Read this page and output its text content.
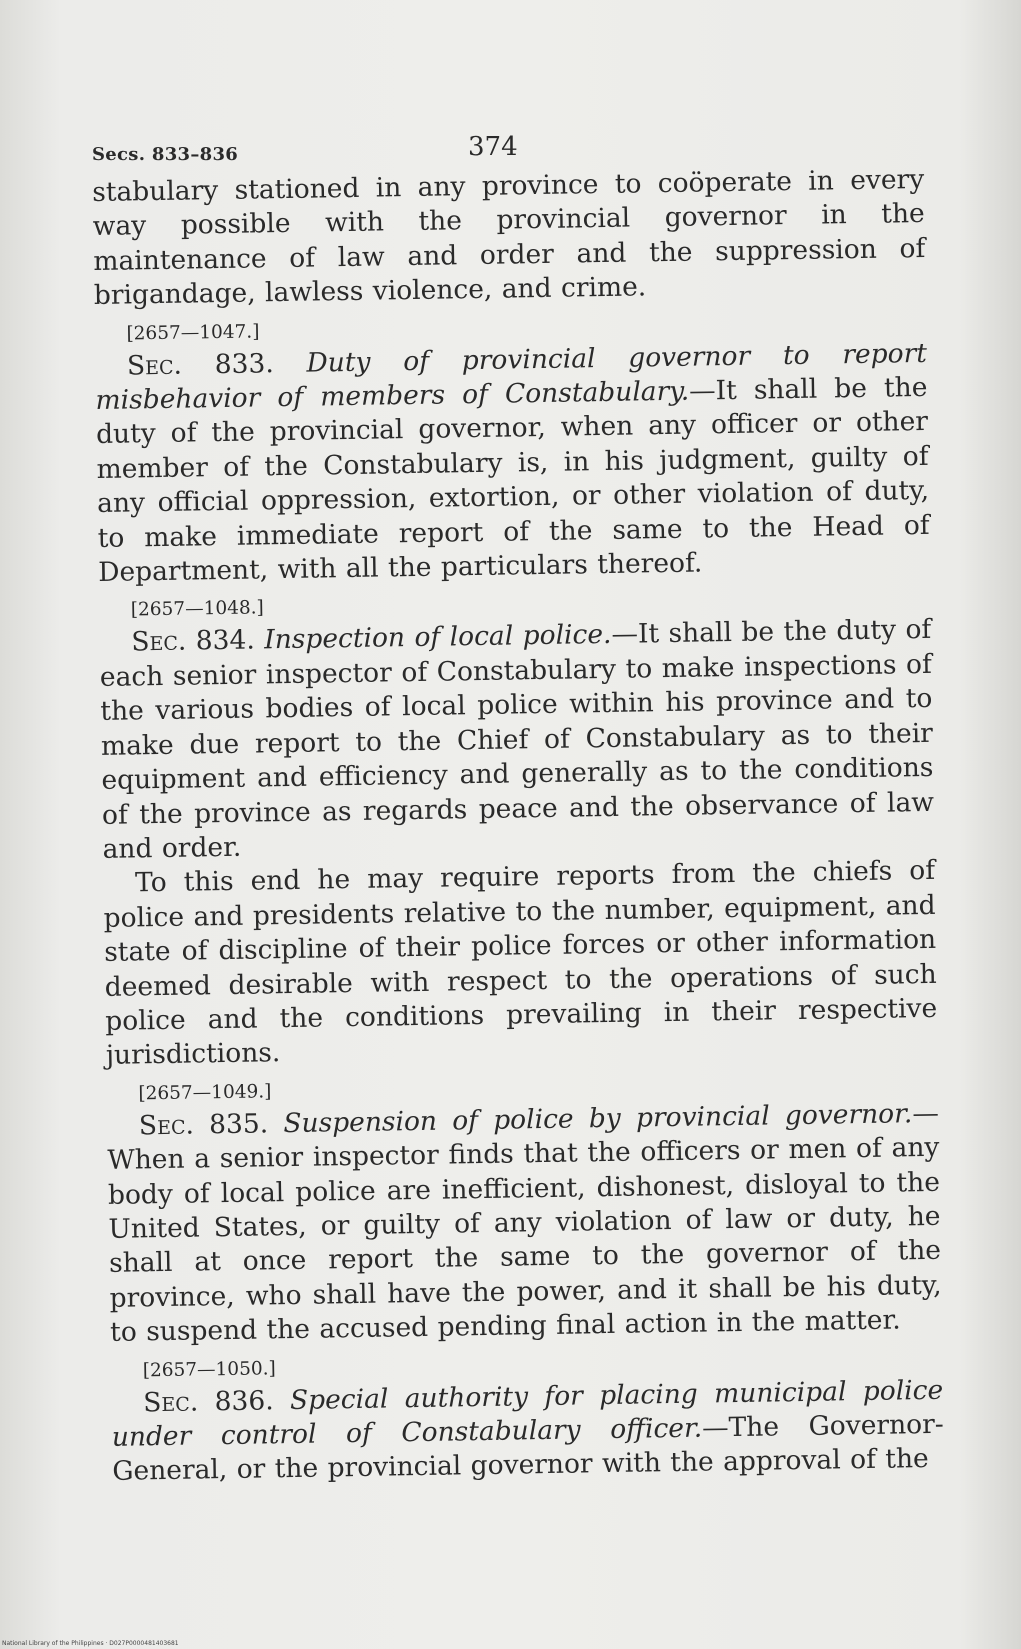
Secs. 833–836	374

stabulary stationed in any province to coöperate in every way possible with the provincial governor in the maintenance of law and order and the suppression of brigandage, lawless violence, and crime.

[2657—1047.]

Sec. 833. Duty of provincial governor to report misbehavior of members of Constabulary.—It shall be the duty of the provincial governor, when any officer or other member of the Constabulary is, in his judgment, guilty of any official oppression, extortion, or other violation of duty, to make immediate report of the same to the Head of Department, with all the particulars thereof.

[2657—1048.]

Sec. 834. Inspection of local police.—It shall be the duty of each senior inspector of Constabulary to make inspections of the various bodies of local police within his province and to make due report to the Chief of Constabulary as to their equipment and efficiency and generally as to the conditions of the province as regards peace and the observance of law and order.

To this end he may require reports from the chiefs of police and presidents relative to the number, equipment, and state of discipline of their police forces or other information deemed desirable with respect to the operations of such police and the conditions prevailing in their respective jurisdictions.

[2657—1049.]

Sec. 835. Suspension of police by provincial governor.—When a senior inspector finds that the officers or men of any body of local police are inefficient, dishonest, disloyal to the United States, or guilty of any violation of law or duty, he shall at once report the same to the governor of the province, who shall have the power, and it shall be his duty, to suspend the accused pending final action in the matter.

[2657—1050.]

Sec. 836. Special authority for placing municipal police under control of Constabulary officer.—The Governor-General, or the provincial governor with the approval of the

National Library of the Philippines · D027P0000481403681
